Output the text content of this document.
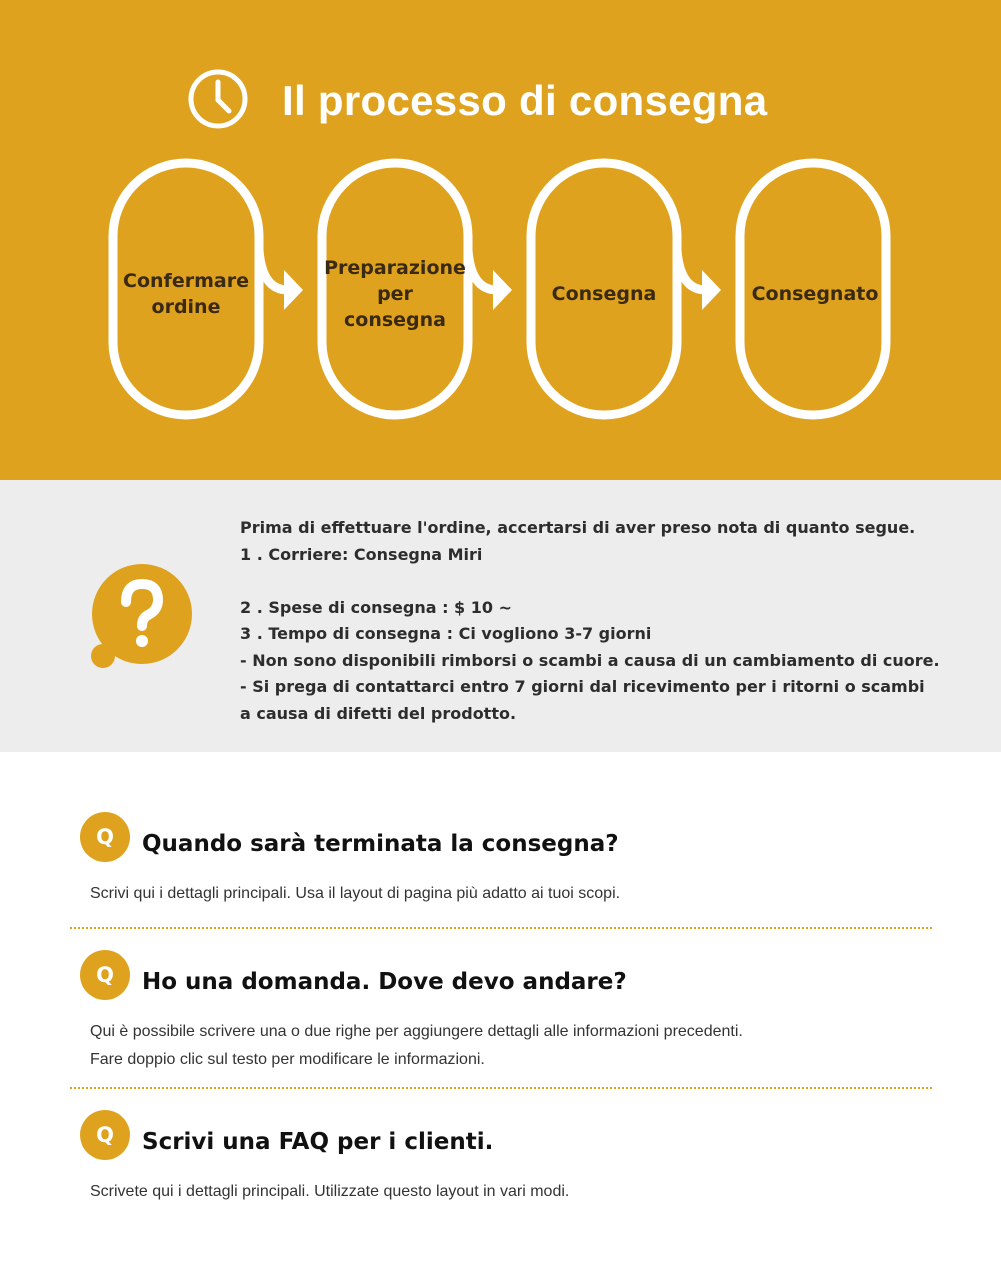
Il processo di consegna
Confermare
ordine
Preparazione
per
consegna
Consegna	Consegnato
Prima di effettuare l'ordine, accertarsi di aver preso nota di quanto segue.
1 . Corriere: Consegna Miri
2 . Spese di consegna : $ 10 ~
3 . Tempo di consegna : Ci vogliono 3-7 giorni
- Non sono disponibili rimborsi o scambi a causa di un cambiamento di cuore.
- Si prega di contattarci entro 7 giorni dal ricevimento per i ritorni o scambi
a causa di difetti del prodotto.
Q	Quando sarà terminata la consegna?
Scrivi qui i dettagli principali. Usa il layout di pagina più adatto ai tuoi scopi.
Q	Ho una domanda. Dove devo andare?
Qui è possibile scrivere una o due righe per aggiungere dettagli alle informazioni precedenti.
Fare doppio clic sul testo per modificare le informazioni.
Q	Scrivi una FAQ per i clienti.
Scrivete qui i dettagli principali. Utilizzate questo layout in vari modi.
